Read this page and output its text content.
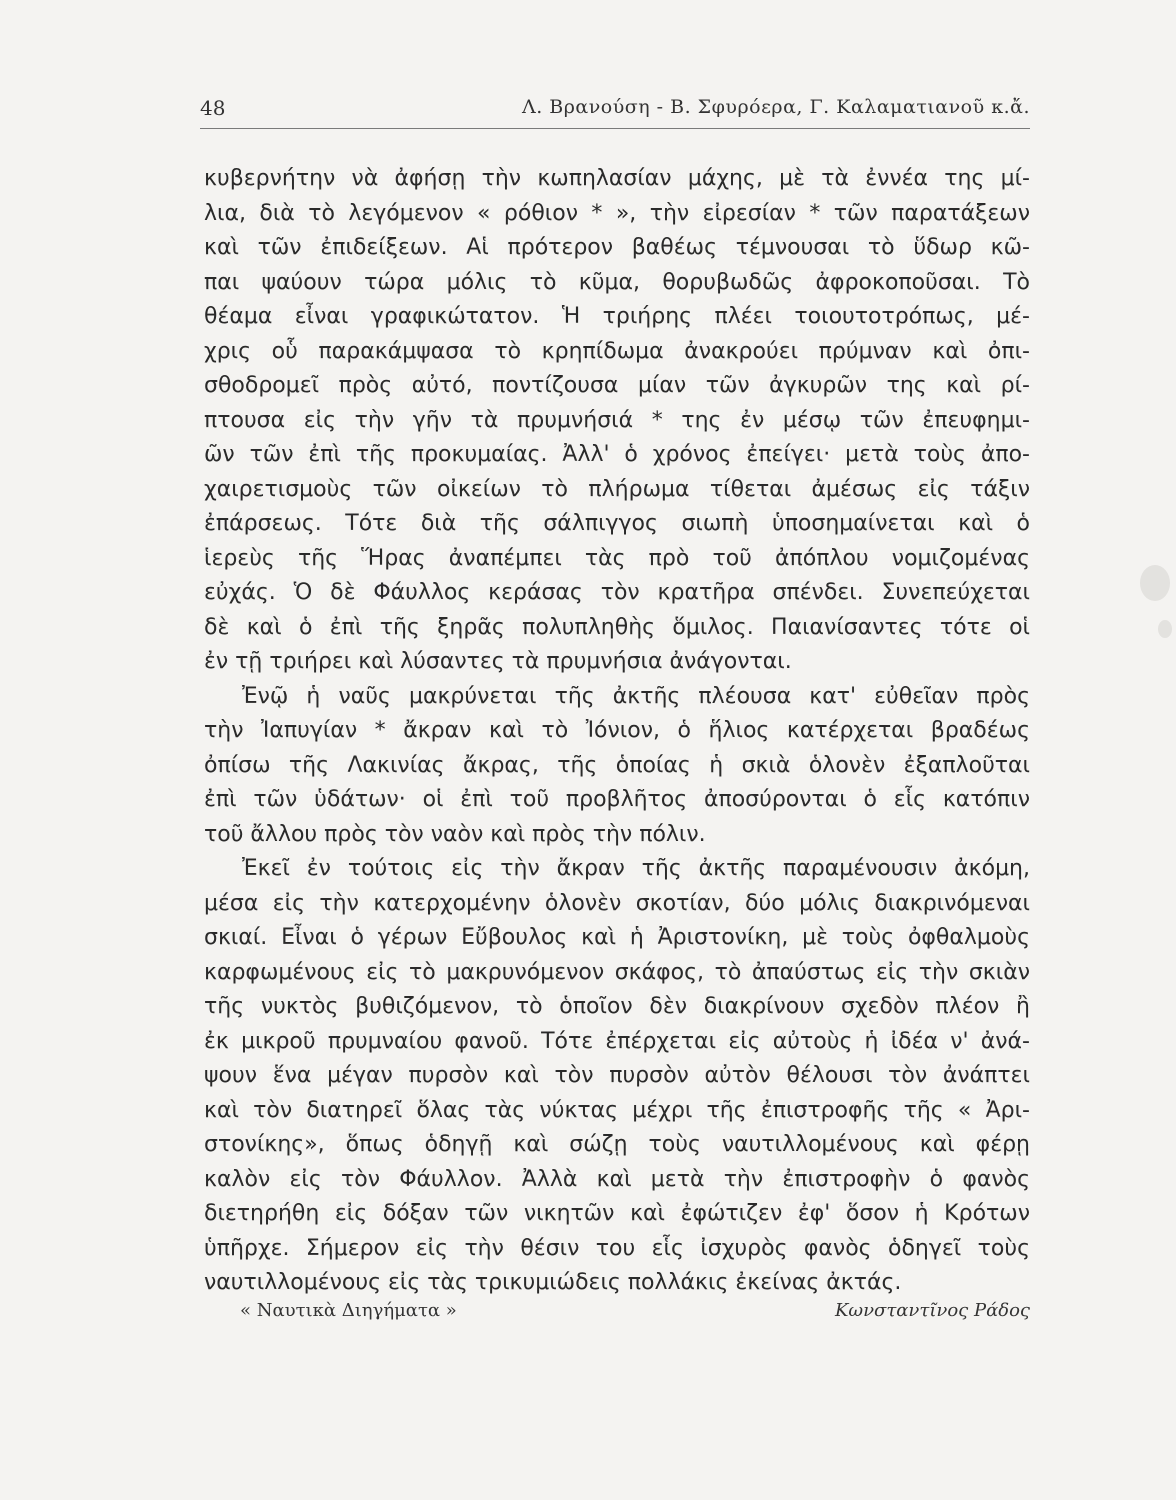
48	Λ. Βρανούση - Β. Σφυρόερα, Γ. Καλαματιανοῦ κ.ἄ.
κυβερνήτην νὰ ἀφήσῃ τὴν κωπηλασίαν μάχης, μὲ τὰ ἐννέα της μί-
λια, διὰ τὸ λεγόμενον « ρόθιον * », τὴν εἰρεσίαν * τῶν παρατάξεων
καὶ τῶν ἐπιδείξεων. Αἱ πρότερον βαθέως τέμνουσαι τὸ ὕδωρ κῶ-
παι ψαύουν τώρα μόλις τὸ κῦμα, θορυβωδῶς ἀφροκοποῦσαι. Τὸ
θέαμα εἶναι γραφικώτατον. Ἡ τριήρης πλέει τοιουτοτρόπως, μέ-
χρις οὗ παρακάμψασα τὸ κρηπίδωμα ἀνακρούει πρύμναν καὶ ὀπι-
σθοδρομεῖ πρὸς αὐτό, ποντίζουσα μίαν τῶν ἀγκυρῶν της καὶ ρί-
πτουσα εἰς τὴν γῆν τὰ πρυμνήσιά * της ἐν μέσῳ τῶν ἐπευφημι-
ῶν τῶν ἐπὶ τῆς προκυμαίας. Ἀλλ' ὁ χρόνος ἐπείγει· μετὰ τοὺς ἀπο-
χαιρετισμοὺς τῶν οἰκείων τὸ πλήρωμα τίθεται ἀμέσως εἰς τάξιν
ἐπάρσεως. Τότε διὰ τῆς σάλπιγγος σιωπὴ ὑποσημαίνεται καὶ ὁ
ἱερεὺς τῆς Ἥρας ἀναπέμπει τὰς πρὸ τοῦ ἀπόπλου νομιζομένας
εὐχάς. Ὁ δὲ Φάυλλος κεράσας τὸν κρατῆρα σπένδει. Συνεπεύχεται
δὲ καὶ ὁ ἐπὶ τῆς ξηρᾶς πολυπληθὴς ὅμιλος. Παιανίσαντες τότε οἱ
ἐν τῇ τριήρει καὶ λύσαντες τὰ πρυμνήσια ἀνάγονται.
Ἐνῷ ἡ ναῦς μακρύνεται τῆς ἀκτῆς πλέουσα κατ' εὐθεῖαν πρὸς
τὴν Ἰαπυγίαν * ἄκραν καὶ τὸ Ἰόνιον, ὁ ἥλιος κατέρχεται βραδέως
ὀπίσω τῆς Λακινίας ἄκρας, τῆς ὁποίας ἡ σκιὰ ὁλονὲν ἐξαπλοῦται
ἐπὶ τῶν ὑδάτων· οἱ ἐπὶ τοῦ προβλῆτος ἀποσύρονται ὁ εἷς κατόπιν
τοῦ ἄλλου πρὸς τὸν ναὸν καὶ πρὸς τὴν πόλιν.
Ἐκεῖ ἐν τούτοις εἰς τὴν ἄκραν τῆς ἀκτῆς παραμένουσιν ἀκόμη,
μέσα εἰς τὴν κατερχομένην ὁλονὲν σκοτίαν, δύο μόλις διακρινόμεναι
σκιαί. Εἶναι ὁ γέρων Εὔβουλος καὶ ἡ Ἀριστονίκη, μὲ τοὺς ὀφθαλμοὺς
καρφωμένους εἰς τὸ μακρυνόμενον σκάφος, τὸ ἀπαύστως εἰς τὴν σκιὰν
τῆς νυκτὸς βυθιζόμενον, τὸ ὁποῖον δὲν διακρίνουν σχεδὸν πλέον ἢ
ἐκ μικροῦ πρυμναίου φανοῦ. Τότε ἐπέρχεται εἰς αὐτοὺς ἡ ἰδέα ν' ἀνά-
ψουν ἕνα μέγαν πυρσὸν καὶ τὸν πυρσὸν αὐτὸν θέλουσι τὸν ἀνάπτει
καὶ τὸν διατηρεῖ ὅλας τὰς νύκτας μέχρι τῆς ἐπιστροφῆς τῆς « Ἀρι-
στονίκης», ὅπως ὁδηγῇ καὶ σώζῃ τοὺς ναυτιλλομένους καὶ φέρῃ
καλὸν εἰς τὸν Φάυλλον. Ἀλλὰ καὶ μετὰ τὴν ἐπιστροφὴν ὁ φανὸς
διετηρήθη εἰς δόξαν τῶν νικητῶν καὶ ἐφώτιζεν ἐφ' ὅσον ἡ Κρότων
ὑπῆρχε. Σήμερον εἰς τὴν θέσιν του εἷς ἰσχυρὸς φανὸς ὁδηγεῖ τοὺς
ναυτιλλομένους εἰς τὰς τρικυμιώδεις πολλάκις ἐκείνας ἀκτάς.
« Ναυτικὰ Διηγήματα »	Κωνσταντῖνος Ράδος
